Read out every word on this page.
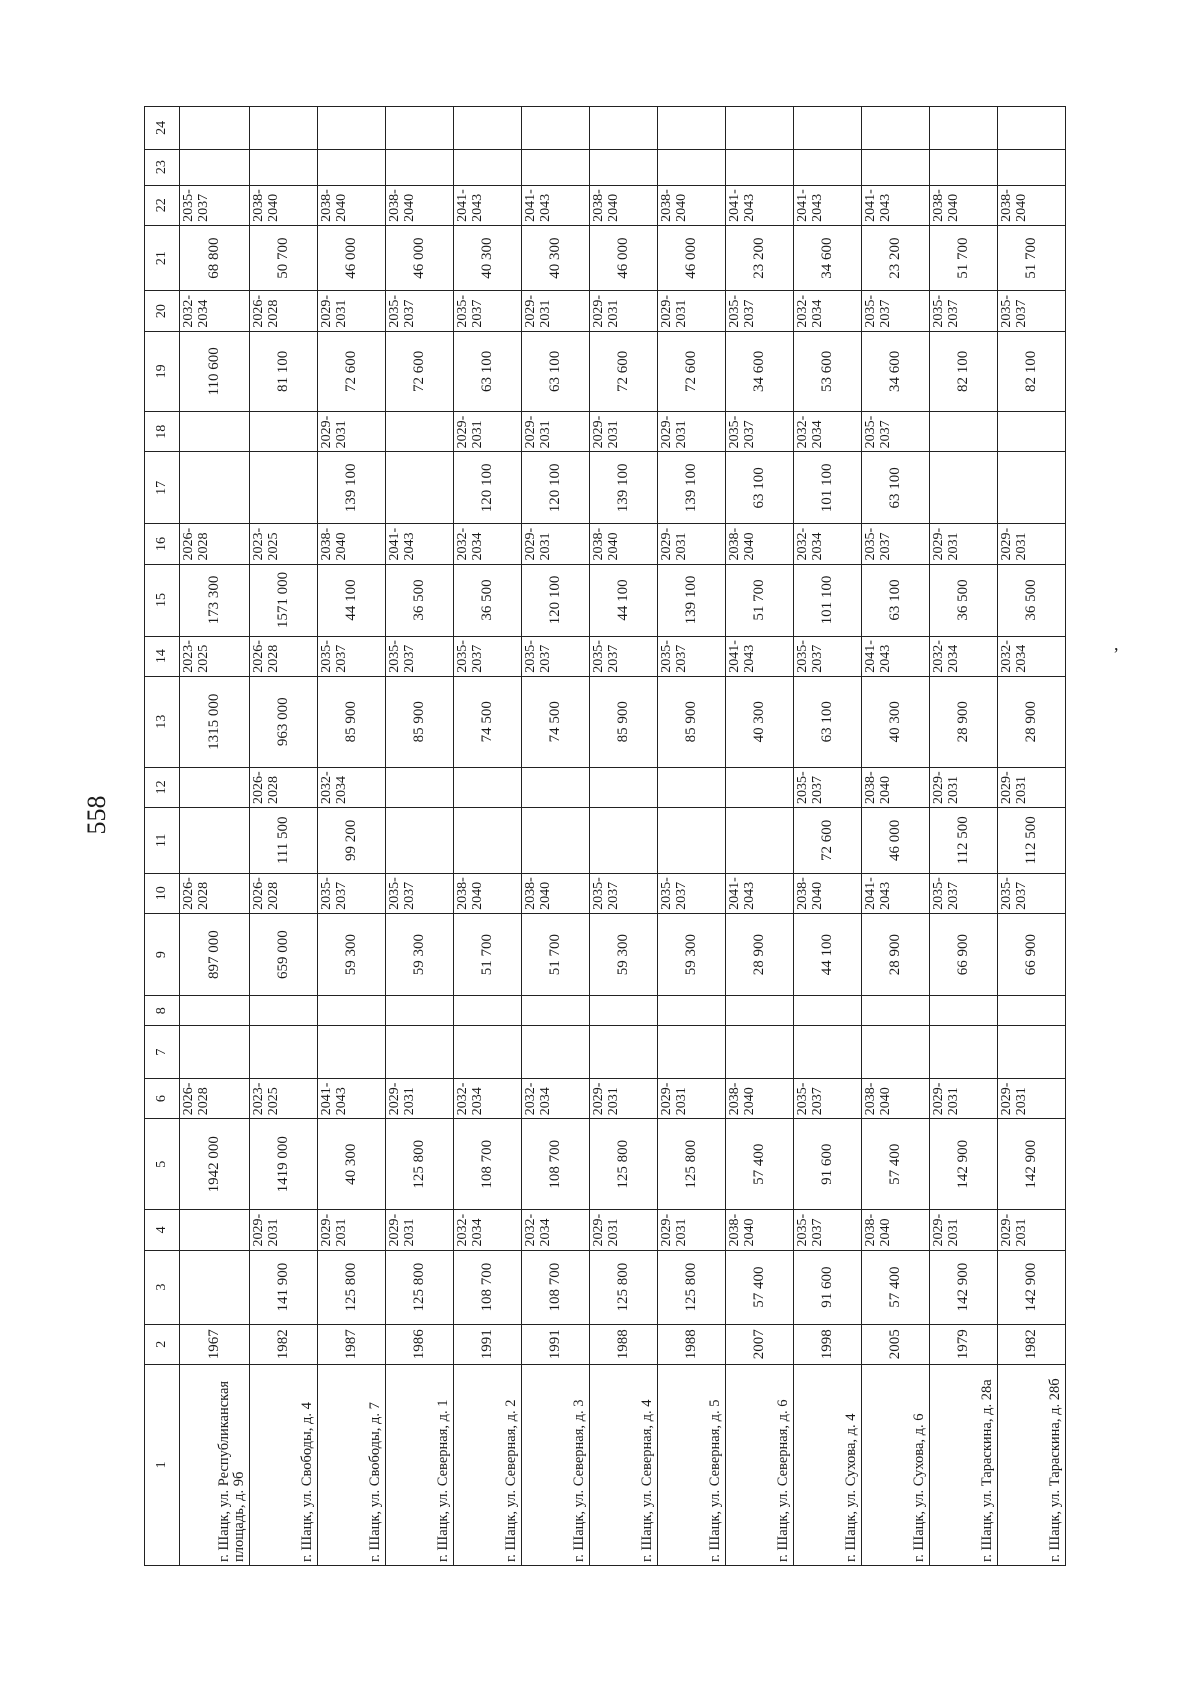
558
,
1	2	3	4	5	6	7	8	9	10	11	12	13	14	15	16	17	18	19	20	21	22	23	24
г. Шацк, ул. Республиканская площадь, д. 9б	1967			1942 000	2026-2028			897 000	2026-2028			1315 000	2023-2025	173 300	2026-2028			110 600	2032-2034	68 800	2035-2037		
г. Шацк, ул. Свободы, д. 4	1982	141 900	2029-2031	1419 000	2023-2025			659 000	2026-2028	111 500	2026-2028	963 000	2026-2028	1571 000	2023-2025			81 100	2026-2028	50 700	2038-2040		
г. Шацк, ул. Свободы, д. 7	1987	125 800	2029-2031	40 300	2041-2043			59 300	2035-2037	99 200	2032-2034	85 900	2035-2037	44 100	2038-2040	139 100	2029-2031	72 600	2029-2031	46 000	2038-2040		
г. Шацк, ул. Северная, д. 1	1986	125 800	2029-2031	125 800	2029-2031			59 300	2035-2037			85 900	2035-2037	36 500	2041-2043			72 600	2035-2037	46 000	2038-2040		
г. Шацк, ул. Северная, д. 2	1991	108 700	2032-2034	108 700	2032-2034			51 700	2038-2040			74 500	2035-2037	36 500	2032-2034	120 100	2029-2031	63 100	2035-2037	40 300	2041-2043		
г. Шацк, ул. Северная, д. 3	1991	108 700	2032-2034	108 700	2032-2034			51 700	2038-2040			74 500	2035-2037	120 100	2029-2031	120 100	2029-2031	63 100	2029-2031	40 300	2041-2043		
г. Шацк, ул. Северная, д. 4	1988	125 800	2029-2031	125 800	2029-2031			59 300	2035-2037			85 900	2035-2037	44 100	2038-2040	139 100	2029-2031	72 600	2029-2031	46 000	2038-2040		
г. Шацк, ул. Северная, д. 5	1988	125 800	2029-2031	125 800	2029-2031			59 300	2035-2037			85 900	2035-2037	139 100	2029-2031	139 100	2029-2031	72 600	2029-2031	46 000	2038-2040		
г. Шацк, ул. Северная, д. 6	2007	57 400	2038-2040	57 400	2038-2040			28 900	2041-2043			40 300	2041-2043	51 700	2038-2040	63 100	2035-2037	34 600	2035-2037	23 200	2041-2043		
г. Шацк, ул. Сухова, д. 4	1998	91 600	2035-2037	91 600	2035-2037			44 100	2038-2040	72 600	2035-2037	63 100	2035-2037	101 100	2032-2034	101 100	2032-2034	53 600	2032-2034	34 600	2041-2043		
г. Шацк, ул. Сухова, д. 6	2005	57 400	2038-2040	57 400	2038-2040			28 900	2041-2043	46 000	2038-2040	40 300	2041-2043	63 100	2035-2037	63 100	2035-2037	34 600	2035-2037	23 200	2041-2043		
г. Шацк, ул. Тараскина, д. 28а	1979	142 900	2029-2031	142 900	2029-2031			66 900	2035-2037	112 500	2029-2031	28 900	2032-2034	36 500	2029-2031			82 100	2035-2037	51 700	2038-2040		
г. Шацк, ул. Тараскина, д. 28б	1982	142 900	2029-2031	142 900	2029-2031			66 900	2035-2037	112 500	2029-2031	28 900	2032-2034	36 500	2029-2031			82 100	2035-2037	51 700	2038-2040		
